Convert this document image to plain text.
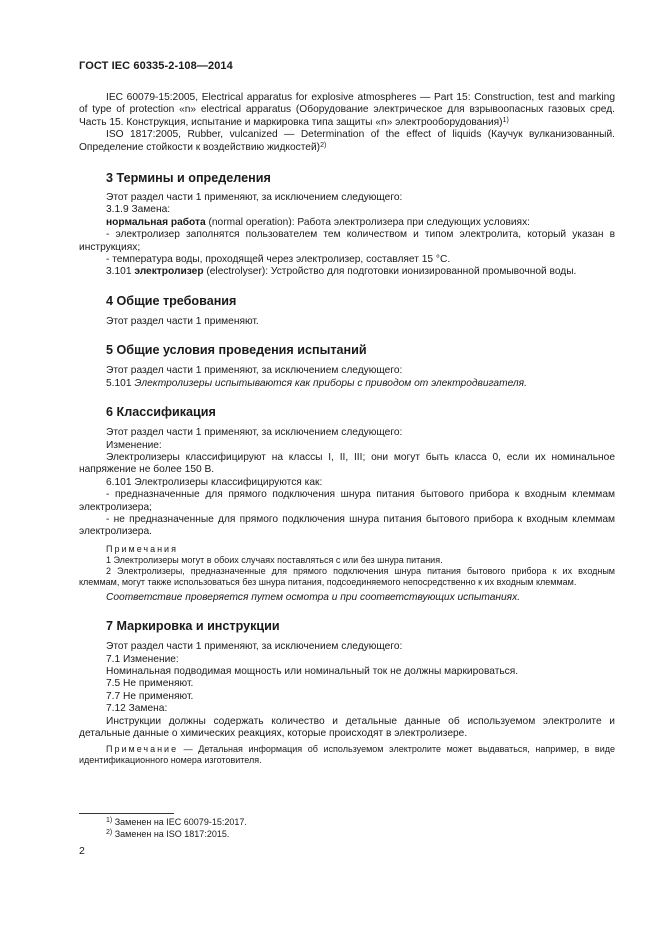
ГОСТ IEC 60335-2-108—2014

IEC 60079-15:2005, Electrical apparatus for explosive atmospheres — Part 15: Construction, test and marking of type of protection «n» electrical apparatus (Оборудование электрическое для взрывоопасных газовых сред. Часть 15. Конструкция, испытание и маркировка типа защиты «n» электрооборудования)$^{1)}$

ISO 1817:2005, Rubber, vulcanized — Determination of the effect of liquids (Каучук вулканизованный. Определение стойкости к воздействию жидкостей)$^{2)}$

3 Термины и определения

Этот раздел части 1 применяют, за исключением следующего:

3.1.9 Замена:

нормальная работа (normal operation): Работа электролизера при следующих условиях:

- электролизер заполнятся пользователем тем количеством и типом электролита, который указан в инструкциях;

- температура воды, проходящей через электролизер, составляет 15 °С.

3.101 электролизер (electrolyser): Устройство для подготовки ионизированной промывочной воды.

4 Общие требования

Этот раздел части 1 применяют.

5 Общие условия проведения испытаний

Этот раздел части 1 применяют, за исключением следующего:

5.101 Электролизеры испытываются как приборы с приводом от электродвигателя.

6 Классификация

Этот раздел части 1 применяют, за исключением следующего:

Изменение:

Электролизеры классифицируют на классы I, II, III; они могут быть класса 0, если их номинальное напряжение не более 150 В.

6.101 Электролизеры классифицируются как:

- предназначенные для прямого подключения шнура питания бытового прибора к входным клеммам электролизера;

- не предназначенные для прямого подключения шнура питания бытового прибора к входным клеммам электролизера.

Примечания

1 Электролизеры могут в обоих случаях поставляться с или без шнура питания.

2 Электролизеры, предназначенные для прямого подключения шнура питания бытового прибора к их входным клеммам, могут также использоваться без шнура питания, подсоединяемого непосредственно к их входным клеммам.

Соответствие проверяется путем осмотра и при соответствующих испытаниях.

7 Маркировка и инструкции

Этот раздел части 1 применяют, за исключением следующего:

7.1 Изменение:

Номинальная подводимая мощность или номинальный ток не должны маркироваться.

7.5 Не применяют.

7.7 Не применяют.

7.12 Замена:

Инструкции должны содержать количество и детальные данные об используемом электролите и детальные данные о химических реакциях, которые происходят в электролизере.

Примечание — Детальная информация об используемом электролите может выдаваться, например, в виде идентификационного номера изготовителя.

$^{1)}$ Заменен на IEC 60079-15:2017.
$^{2)}$ Заменен на ISO 1817:2015.
2
